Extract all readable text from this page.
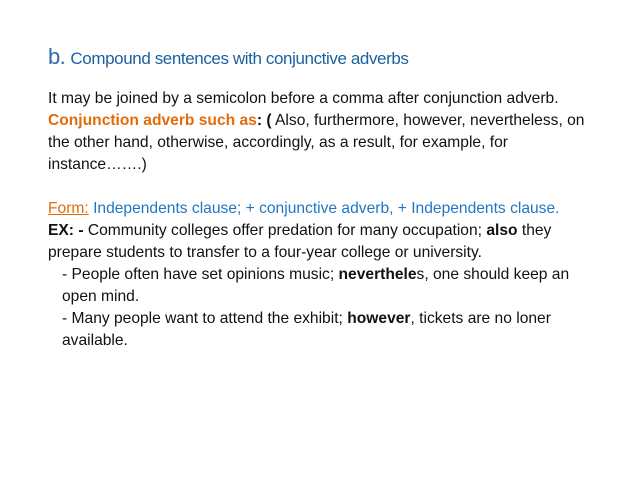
b. Compound sentences with conjunctive adverbs

It may be joined by a semicolon before a comma after conjunction adverb. Conjunction adverb such as: ( Also, furthermore, however, nevertheless, on the other hand, otherwise, accordingly, as a result, for example, for instance…….)

Form: Independents clause; + conjunctive adverb, + Independents clause.

EX: - Community colleges offer predation for many occupation; also they prepare students to transfer to a four-year college or university.

- People often have set opinions music; nevertheles, one should keep an open mind.

- Many people want to attend the exhibit; however, tickets are no loner available.
